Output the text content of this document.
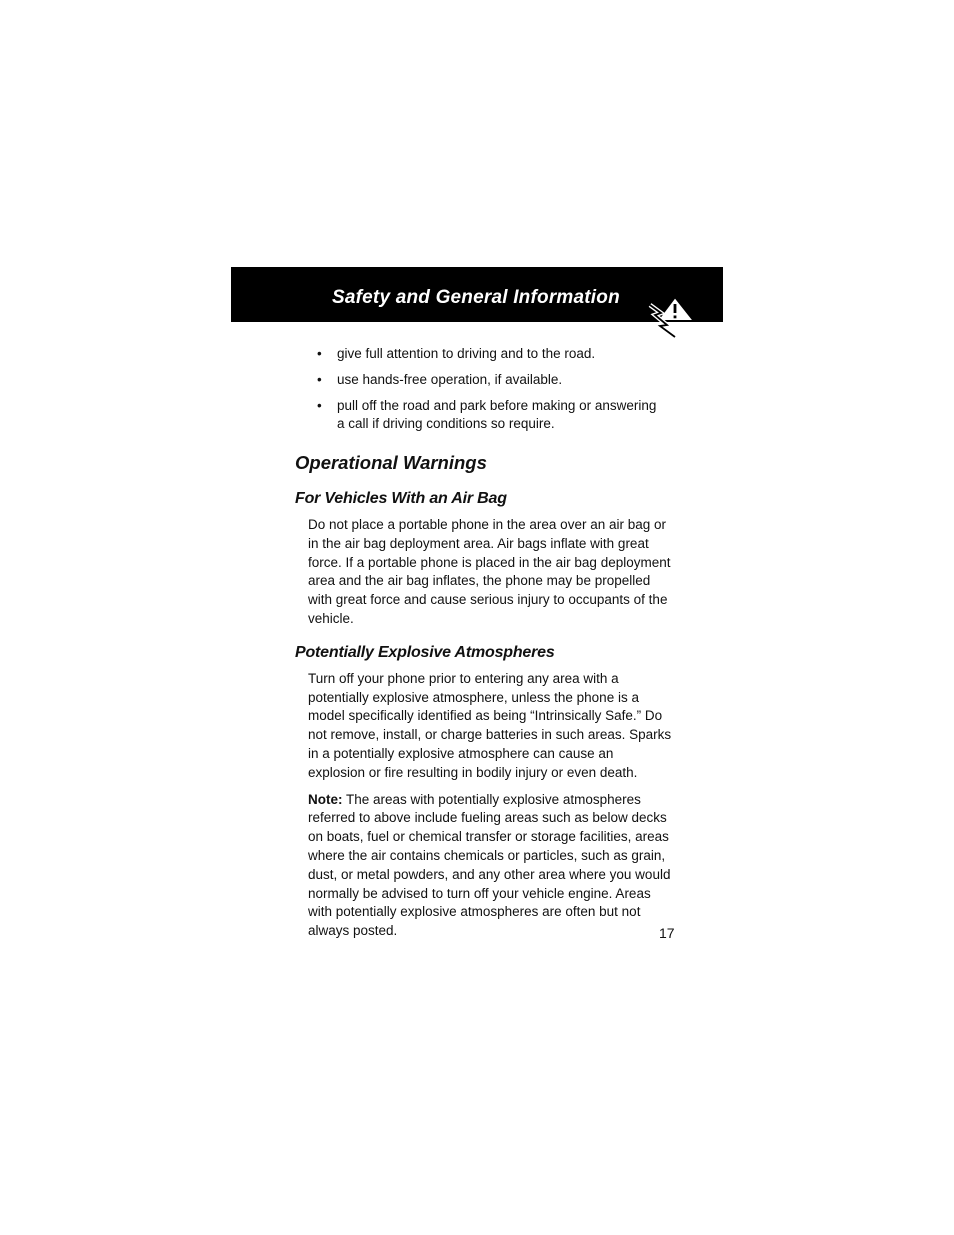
Safety and General Information
• give full attention to driving and to the road.
• use hands-free operation, if available.
• pull off the road and park before making or answering a call if driving conditions so require.
Operational Warnings
For Vehicles With an Air Bag

Do not place a portable phone in the area over an air bag or in the air bag deployment area. Air bags inflate with great force. If a portable phone is placed in the air bag deployment area and the air bag inflates, the phone may be propelled with great force and cause serious injury to occupants of the vehicle.

Potentially Explosive Atmospheres

Turn off your phone prior to entering any area with a potentially explosive atmosphere, unless the phone is a model specifically identified as being “Intrinsically Safe.” Do not remove, install, or charge batteries in such areas. Sparks in a potentially explosive atmosphere can cause an explosion or fire resulting in bodily injury or even death.

Note: The areas with potentially explosive atmospheres referred to above include fueling areas such as below decks on boats, fuel or chemical transfer or storage facilities, areas where the air contains chemicals or particles, such as grain, dust, or metal powders, and any other area where you would normally be advised to turn off your vehicle engine. Areas with potentially explosive atmospheres are often but not always posted.	17
